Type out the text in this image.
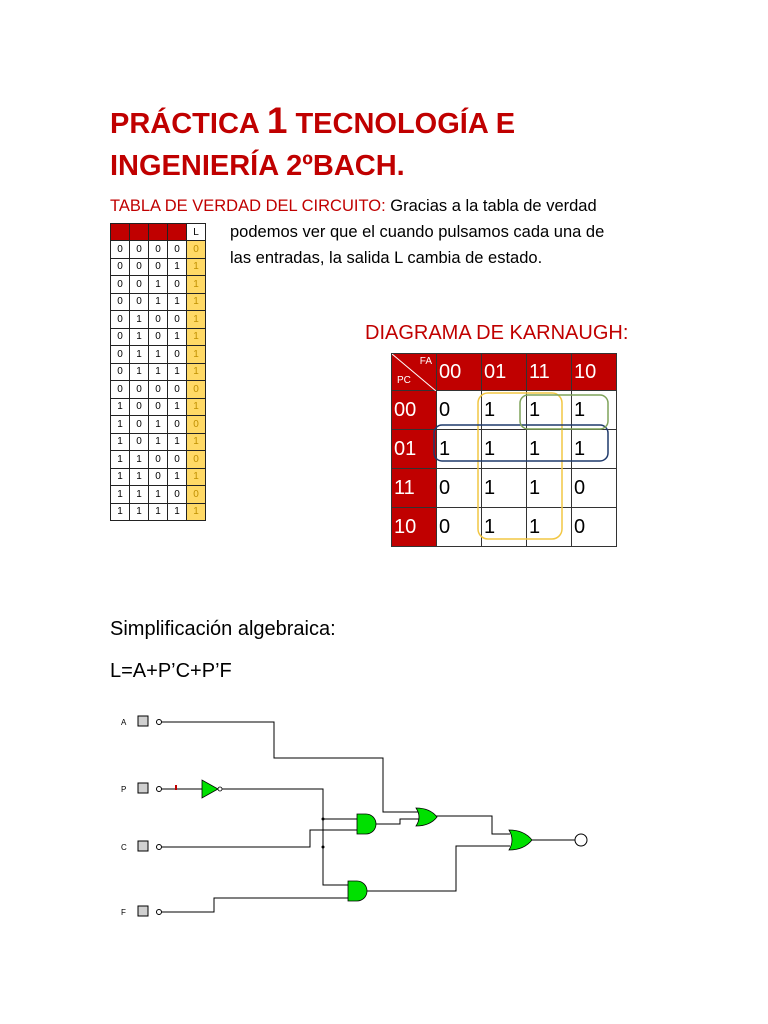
PRÁCTICA 1 TECNOLOGÍA E
INGENIERÍA 2ºBACH.
TABLA DE VERDAD DEL CIRCUITO: Gracias a la tabla de verdad
podemos ver que el cuando pulsamos cada una de
las entradas, la salida L cambia de estado.
P	C	F	A	L
0	0	0	0	0
0	0	0	1	1
0	0	1	0	1
0	0	1	1	1
0	1	0	0	1
0	1	0	1	1
0	1	1	0	1
0	1	1	1	1
0	0	0	0	0
1	0	0	1	1
1	0	1	0	0
1	0	1	1	1
1	1	0	0	0
1	1	0	1	1
1	1	1	0	0
1	1	1	1	1
DIAGRAMA DE KARNAUGH:
FA
PC	00	01	11	10
00	0	1	1	1
01	1	1	1	1
11	0	1	1	0
10	0	1	1	0
Simplificación algebraica:
L=A+P’C+P’F
A
P
C
F
